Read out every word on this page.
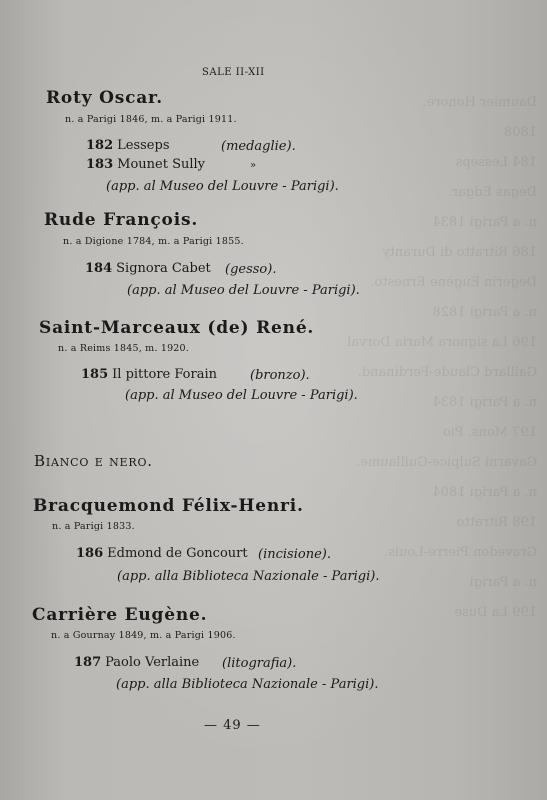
Daumier Honoré.
1808
184 Lesseps
Degas Edgar.
n. a Parigi 1834
186 Ritratto di Duranty
Degerin Eugène Ernesto.
n. a Parigi 1828
196 La signora Maria Dorval
Gaillard Claude-Ferdinand.
n. a Parigi 1834
197 Mons. Pio
Gavarni Sulpice-Guillaume.
n. a Parigi 1804
198 Ritratto
Gravedon Pierre-Louis.
n. a Parigi
199 La Duse
SALE II-XII
Roty Oscar.
n. a Parigi 1846, m. a Parigi 1911.
182 Lesseps	(medaglie).
183 Mounet Sully	»
(app. al Museo del Louvre - Parigi).
Rude François.
n. a Digione 1784, m. a Parigi 1855.
184 Signora Cabet (gesso).
(app. al Museo del Louvre - Parigi).
Saint-Marceaux (de) René.
n. a Reims 1845, m. 1920.
185 Il pittore Forain	(bronzo).
(app. al Museo del Louvre - Parigi).
Bianco e nero.
Bracquemond Félix-Henri.
n. a Parigi 1833.
186 Edmond de Goncourt (incisione).
(app. alla Biblioteca Nazionale - Parigi).
Carrière Eugène.
n. a Gournay 1849, m. a Parigi 1906.
187 Paolo Verlaine (litografia).
(app. alla Biblioteca Nazionale - Parigi).
— 49 —
